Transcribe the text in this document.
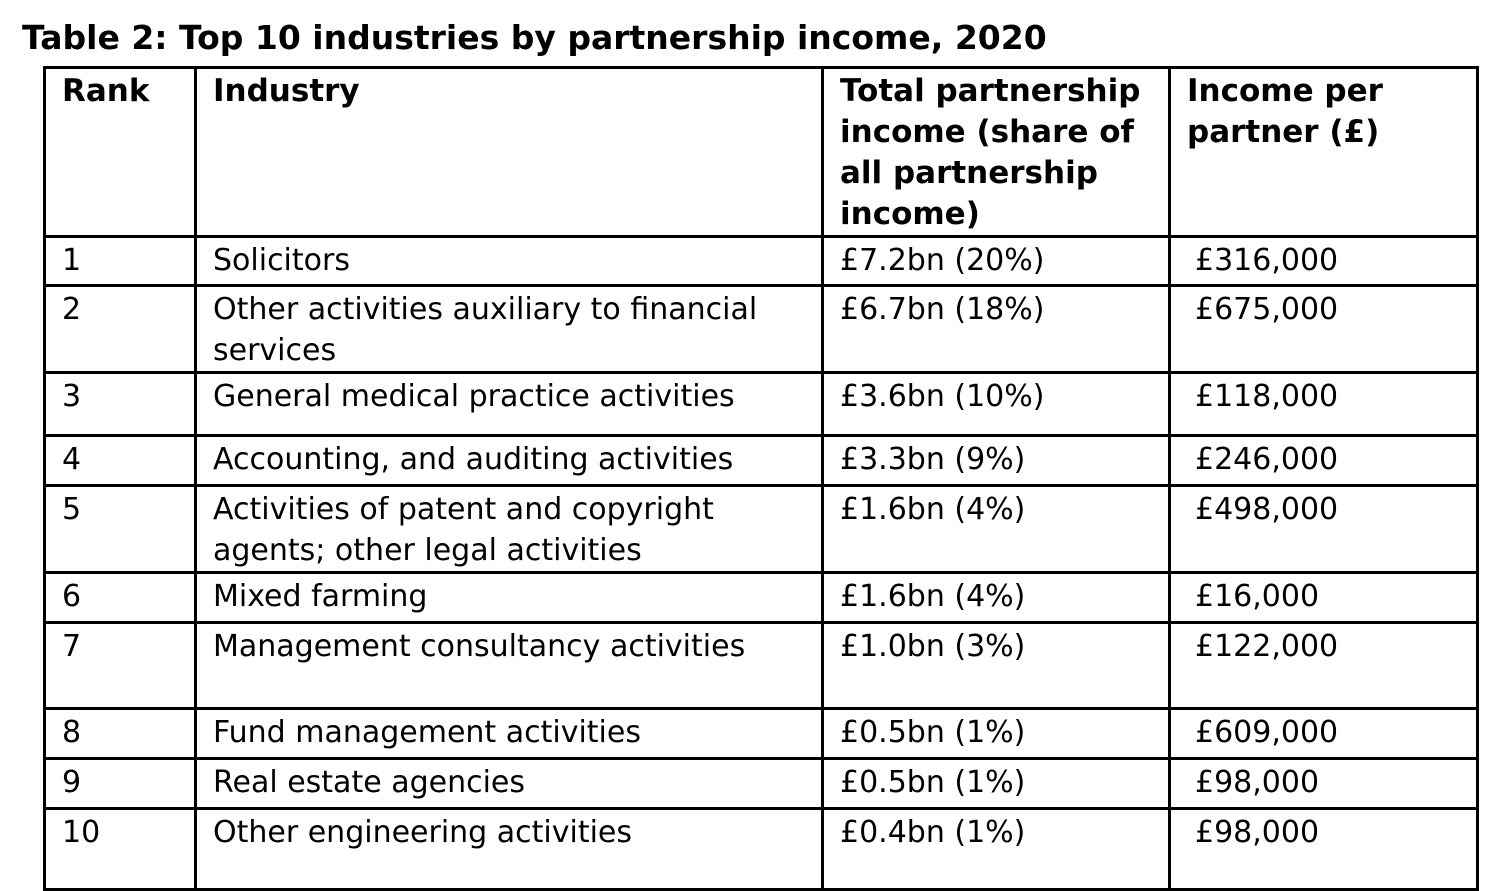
Table 2: Top 10 industries by partnership income, 2020
Rank	Industry	Total partnership income (share of all partnership income)	Income per partner (£)
1	Solicitors	£7.2bn (20%)	£316,000
2	Other activities auxiliary to financial services	£6.7bn (18%)	£675,000
3	General medical practice activities	£3.6bn (10%)	£118,000
4	Accounting, and auditing activities	£3.3bn (9%)	£246,000
5	Activities of patent and copyright agents; other legal activities	£1.6bn (4%)	£498,000
6	Mixed farming	£1.6bn (4%)	£16,000
7	Management consultancy activities	£1.0bn (3%)	£122,000
8	Fund management activities	£0.5bn (1%)	£609,000
9	Real estate agencies	£0.5bn (1%)	£98,000
10	Other engineering activities	£0.4bn (1%)	£98,000
